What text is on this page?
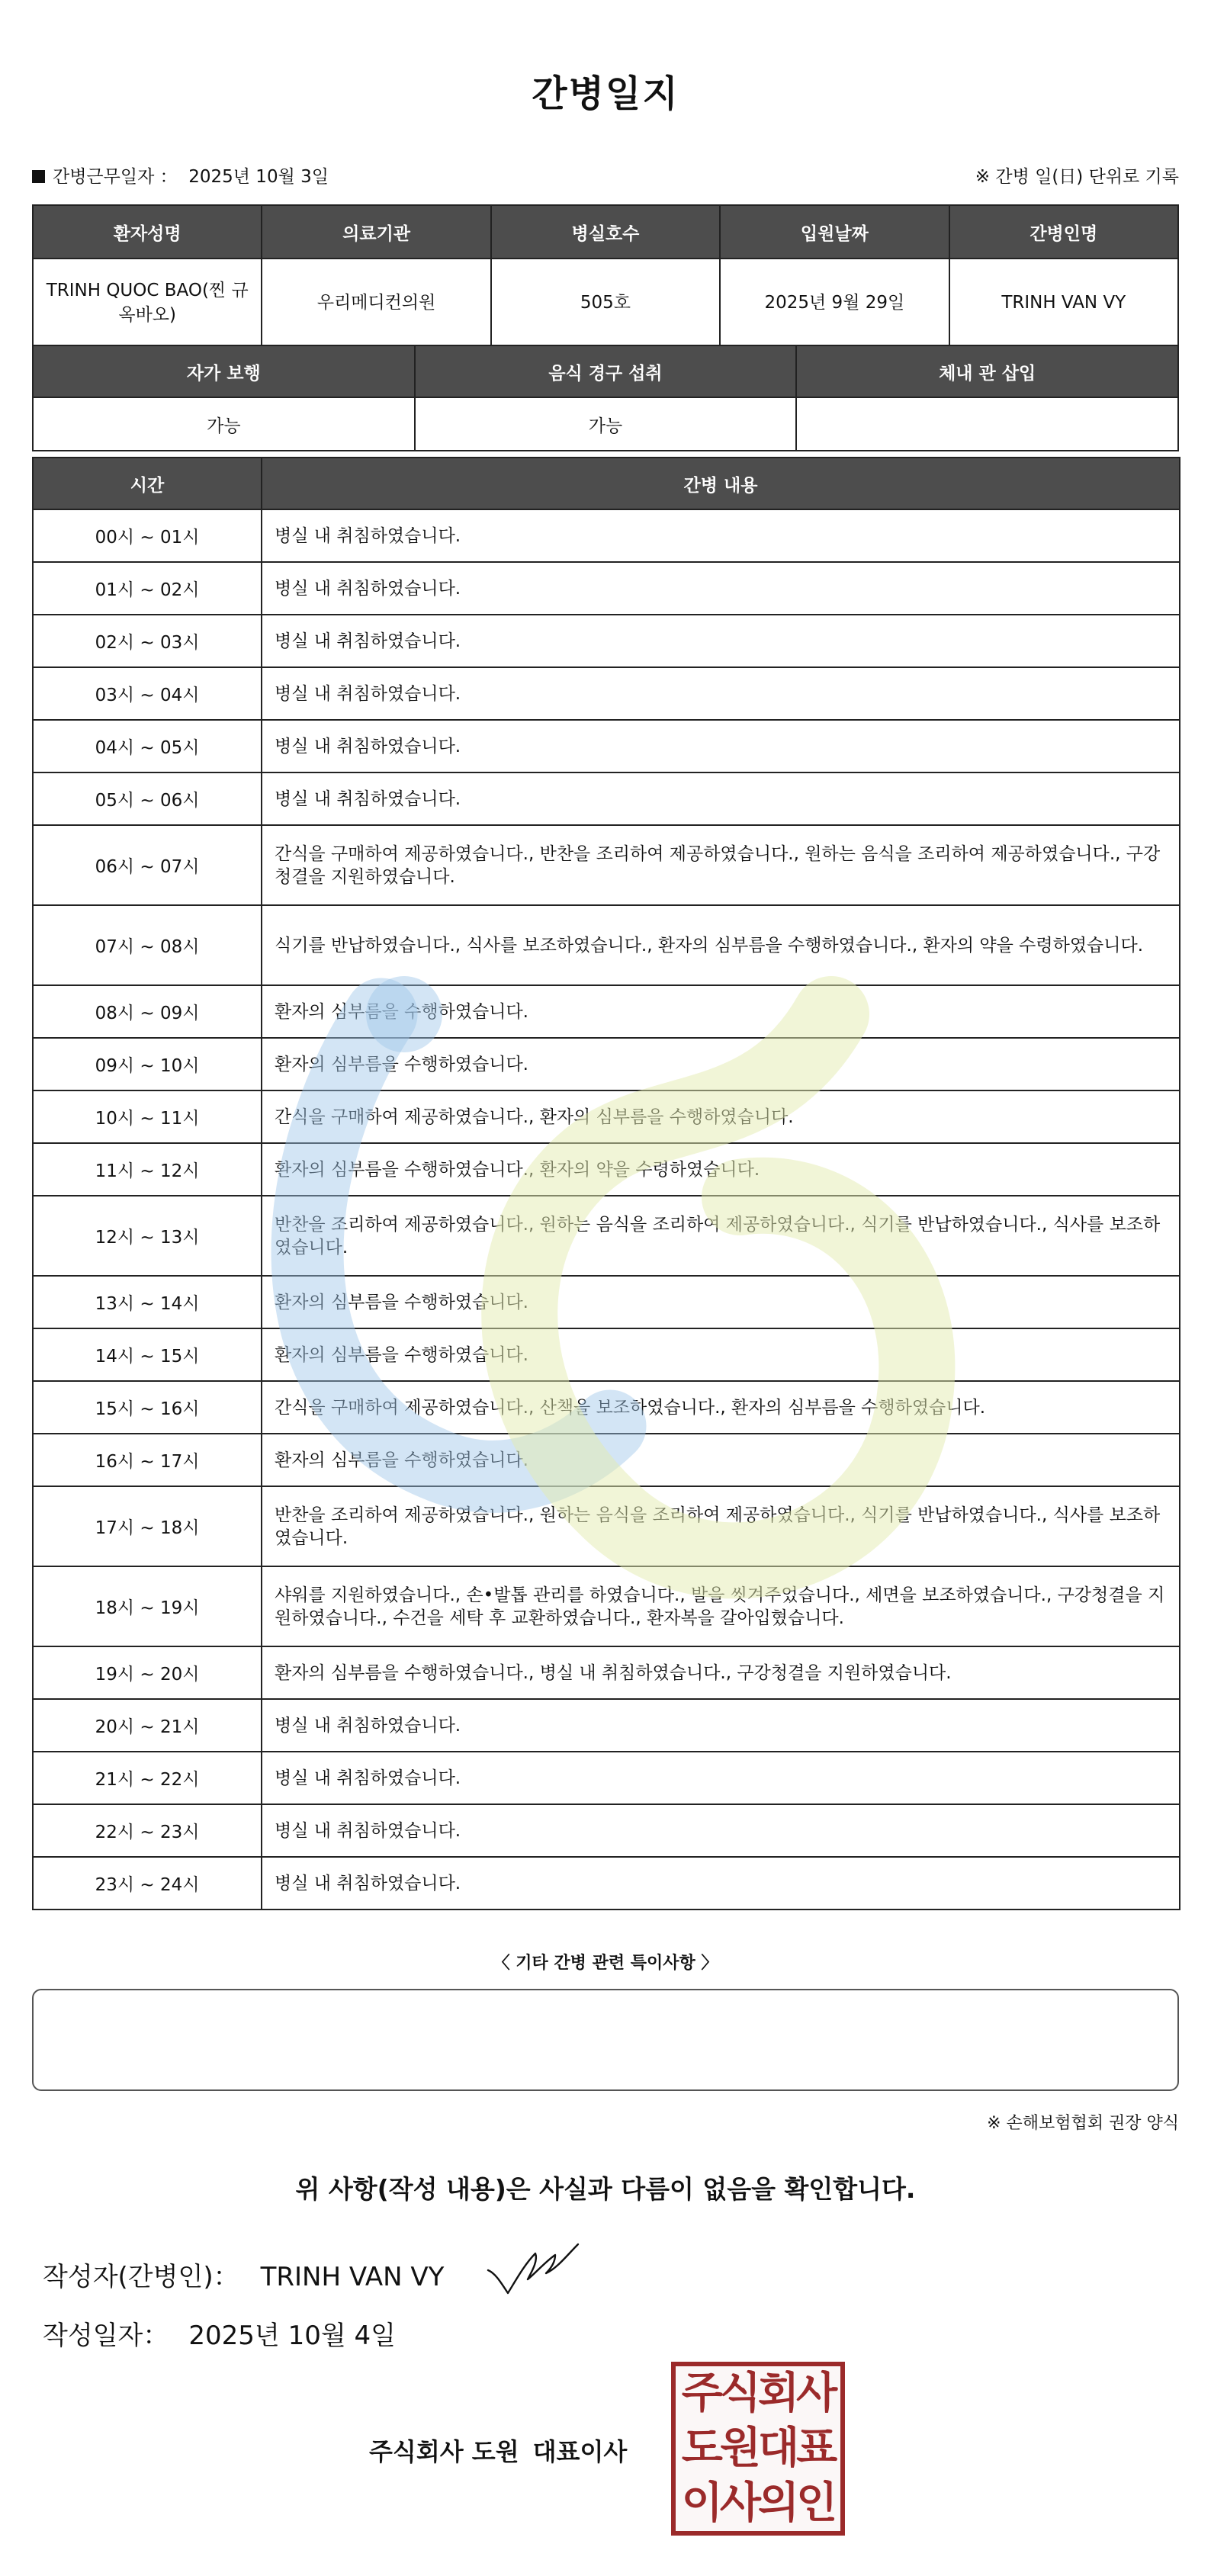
간병일지
간병근무일자 ： 2025년 10월 3일	※ 간병 일(日) 단위로 기록
환자성명	의료기관	병실호수	입원날짜	간병인명
TRINH QUOC BAO(찐 규옥바오)	우리메디컨의원	505호	2025년 9월 29일	TRINH VAN VY
자가 보행	음식 경구 섭취	체내 관 삽입
가능	가능	
시간	간병 내용
00시 ~ 01시	병실 내 취침하였습니다.
01시 ~ 02시	병실 내 취침하였습니다.
02시 ~ 03시	병실 내 취침하였습니다.
03시 ~ 04시	병실 내 취침하였습니다.
04시 ~ 05시	병실 내 취침하였습니다.
05시 ~ 06시	병실 내 취침하였습니다.
06시 ~ 07시	간식을 구매하여 제공하였습니다., 반찬을 조리하여 제공하였습니다., 원하는 음식을 조리하여 제공하였습니다., 구강청결을 지원하였습니다.
07시 ~ 08시	식기를 반납하였습니다., 식사를 보조하였습니다., 환자의 심부름을 수행하였습니다., 환자의 약을 수령하였습니다.
08시 ~ 09시	환자의 심부름을 수행하였습니다.
09시 ~ 10시	환자의 심부름을 수행하였습니다.
10시 ~ 11시	간식을 구매하여 제공하였습니다., 환자의 심부름을 수행하였습니다.
11시 ~ 12시	환자의 심부름을 수행하였습니다., 환자의 약을 수령하였습니다.
12시 ~ 13시	반찬을 조리하여 제공하였습니다., 원하는 음식을 조리하여 제공하였습니다., 식기를 반납하였습니다., 식사를 보조하였습니다.
13시 ~ 14시	환자의 심부름을 수행하였습니다.
14시 ~ 15시	환자의 심부름을 수행하였습니다.
15시 ~ 16시	간식을 구매하여 제공하였습니다., 산책을 보조하였습니다., 환자의 심부름을 수행하였습니다.
16시 ~ 17시	환자의 심부름을 수행하였습니다.
17시 ~ 18시	반찬을 조리하여 제공하였습니다., 원하는 음식을 조리하여 제공하였습니다., 식기를 반납하였습니다., 식사를 보조하였습니다.
18시 ~ 19시	샤워를 지원하였습니다., 손•발톱 관리를 하였습니다., 발을 씻겨주었습니다., 세면을 보조하였습니다., 구강청결을 지원하였습니다., 수건을 세탁 후 교환하였습니다., 환자복을 갈아입혔습니다.
19시 ~ 20시	환자의 심부름을 수행하였습니다., 병실 내 취침하였습니다., 구강청결을 지원하였습니다.
20시 ~ 21시	병실 내 취침하였습니다.
21시 ~ 22시	병실 내 취침하였습니다.
22시 ~ 23시	병실 내 취침하였습니다.
23시 ~ 24시	병실 내 취침하였습니다.
〈 기타 간병 관련 특이사항 〉
※ 손해보험협회 권장 양식
위 사항(작성 내용)은 사실과 다름이 없음을 확인합니다.
작성자(간병인)： TRINH VAN VY
작성일자： 2025년 10월 4일
주식회사 도원 대표이사
주식회사
도원대표
이사의인
